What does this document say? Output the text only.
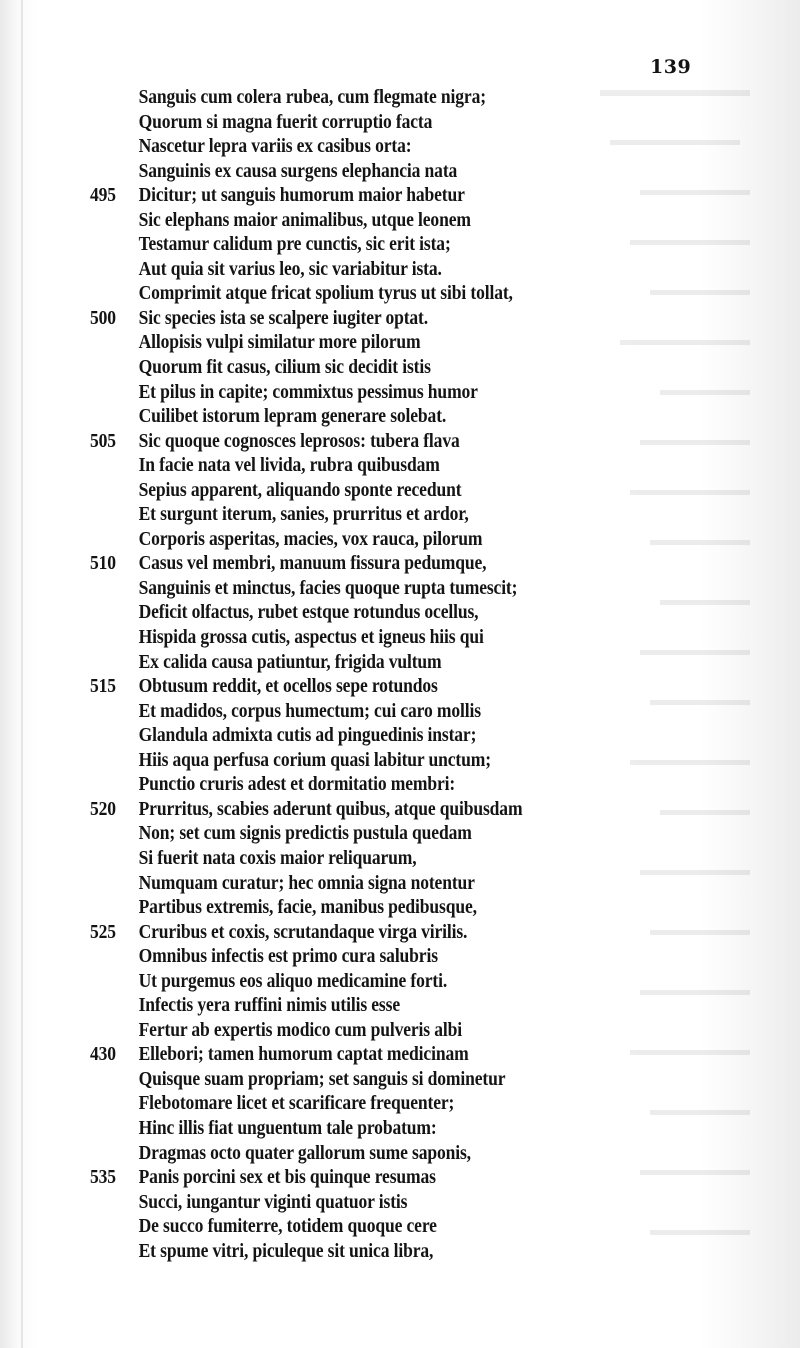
139
Sanguis cum colera rubea, cum flegmate nigra;
Quorum si magna fuerit corruptio facta
Nascetur lepra variis ex casibus orta:
Sanguinis ex causa surgens elephancia nata
495	Dicitur; ut sanguis humorum maior habetur
Sic elephans maior animalibus, utque leonem
Testamur calidum pre cunctis, sic erit ista;
Aut quia sit varius leo, sic variabitur ista.
Comprimit atque fricat spolium tyrus ut sibi tollat,
500	Sic species ista se scalpere iugiter optat.
Allopisis vulpi similatur more pilorum
Quorum fit casus, cilium sic decidit istis
Et pilus in capite; commixtus pessimus humor
Cuilibet istorum lepram generare solebat.
505	Sic quoque cognosces leprosos: tubera flava
In facie nata vel livida, rubra quibusdam
Sepius apparent, aliquando sponte recedunt
Et surgunt iterum, sanies, prurritus et ardor,
Corporis asperitas, macies, vox rauca, pilorum
510	Casus vel membri, manuum fissura pedumque,
Sanguinis et minctus, facies quoque rupta tumescit;
Deficit olfactus, rubet estque rotundus ocellus,
Hispida grossa cutis, aspectus et igneus hiis qui
Ex calida causa patiuntur, frigida vultum
515	Obtusum reddit, et ocellos sepe rotundos
Et madidos, corpus humectum; cui caro mollis
Glandula admixta cutis ad pinguedinis instar;
Hiis aqua perfusa corium quasi labitur unctum;
Punctio cruris adest et dormitatio membri:
520	Prurritus, scabies aderunt quibus, atque quibusdam
Non; set cum signis predictis pustula quedam
Si fuerit nata coxis maior reliquarum,
Numquam curatur; hec omnia signa notentur
Partibus extremis, facie, manibus pedibusque,
525	Cruribus et coxis, scrutandaque virga virilis.
Omnibus infectis est primo cura salubris
Ut purgemus eos aliquo medicamine forti.
Infectis yera ruffini nimis utilis esse
Fertur ab expertis modico cum pulveris albi
430	Ellebori; tamen humorum captat medicinam
Quisque suam propriam; set sanguis si dominetur
Flebotomare licet et scarificare frequenter;
Hinc illis fiat unguentum tale probatum:
Dragmas octo quater gallorum sume saponis,
535	Panis porcini sex et bis quinque resumas
Succi, iungantur viginti quatuor istis
De succo fumiterre, totidem quoque cere
Et spume vitri, piculeque sit unica libra,
